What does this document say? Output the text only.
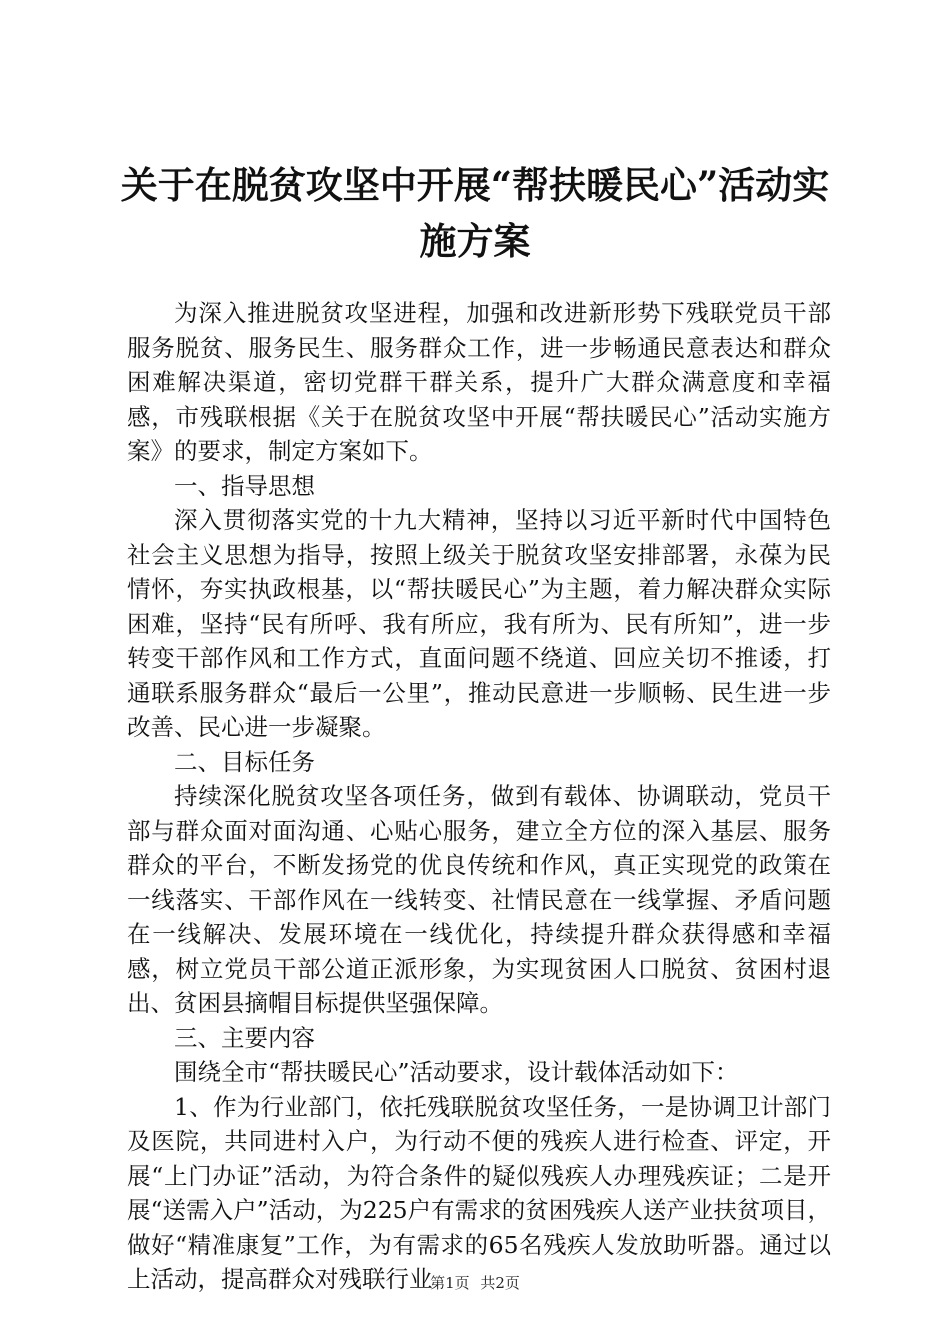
关于在脱贫攻坚中开展“帮扶暖民心”活动实
施方案

为深入推进脱贫攻坚进程，加强和改进新形势下残联党员干部服务脱贫、服务民生、服务群众工作，进一步畅通民意表达和群众困难解决渠道，密切党群干群关系，提升广大群众满意度和幸福感，市残联根据《关于在脱贫攻坚中开展“帮扶暖民心”活动实施方案》的要求，制定方案如下。

一、指导思想

深入贯彻落实党的十九大精神，坚持以习近平新时代中国特色社会主义思想为指导，按照上级关于脱贫攻坚安排部署，永葆为民情怀，夯实执政根基，以“帮扶暖民心”为主题，着力解决群众实际困难，坚持“民有所呼、我有所应，我有所为、民有所知”，进一步转变干部作风和工作方式，直面问题不绕道、回应关切不推诿，打通联系服务群众“最后一公里”，推动民意进一步顺畅、民生进一步改善、民心进一步凝聚。

二、目标任务

持续深化脱贫攻坚各项任务，做到有载体、协调联动，党员干部与群众面对面沟通、心贴心服务，建立全方位的深入基层、服务群众的平台，不断发扬党的优良传统和作风，真正实现党的政策在一线落实、干部作风在一线转变、社情民意在一线掌握、矛盾问题在一线解决、发展环境在一线优化，持续提升群众获得感和幸福感，树立党员干部公道正派形象，为实现贫困人口脱贫、贫困村退出、贫困县摘帽目标提供坚强保障。

三、主要内容

围绕全市“帮扶暖民心”活动要求，设计载体活动如下：

1、作为行业部门，依托残联脱贫攻坚任务，一是协调卫计部门及医院，共同进村入户，为行动不便的残疾人进行检查、评定，开展“上门办证”活动，为符合条件的疑似残疾人办理残疾证；二是开展“送需入户”活动，为225户有需求的贫困残疾人送产业扶贫项目，做好“精准康复”工作，为有需求的65名残疾人发放助听器。通过以上活动，提高群众对残联行业

第1页 共2页
